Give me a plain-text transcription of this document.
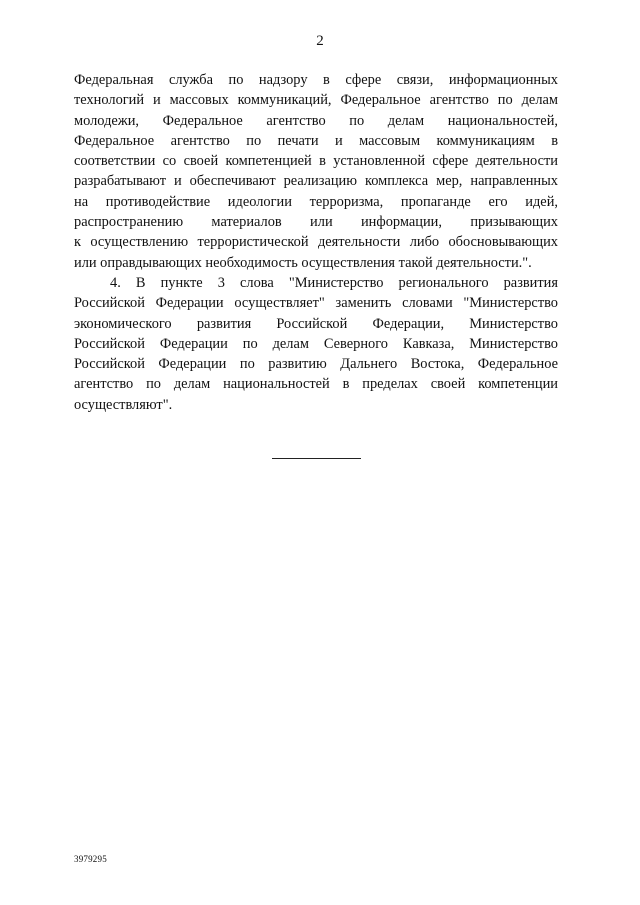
2

Федеральная служба по надзору в сфере связи, информационных
технологий и массовых коммуникаций, Федеральное агентство по делам
молодежи, Федеральное агентство по делам национальностей,
Федеральное агентство по печати и массовым коммуникациям в
соответствии со своей компетенцией в установленной сфере деятельности
разрабатывают и обеспечивают реализацию комплекса мер, направленных
на противодействие идеологии терроризма, пропаганде его идей,
распространению материалов или информации, призывающих
к осуществлению террористической деятельности либо обосновывающих
или оправдывающих необходимость осуществления такой деятельности.".

4. В пункте 3 слова "Министерство регионального развития
Российской Федерации осуществляет" заменить словами "Министерство
экономического развития Российской Федерации, Министерство
Российской Федерации по делам Северного Кавказа, Министерство
Российской Федерации по развитию Дальнего Востока, Федеральное
агентство по делам национальностей в пределах своей компетенции
осуществляют".

3979295
